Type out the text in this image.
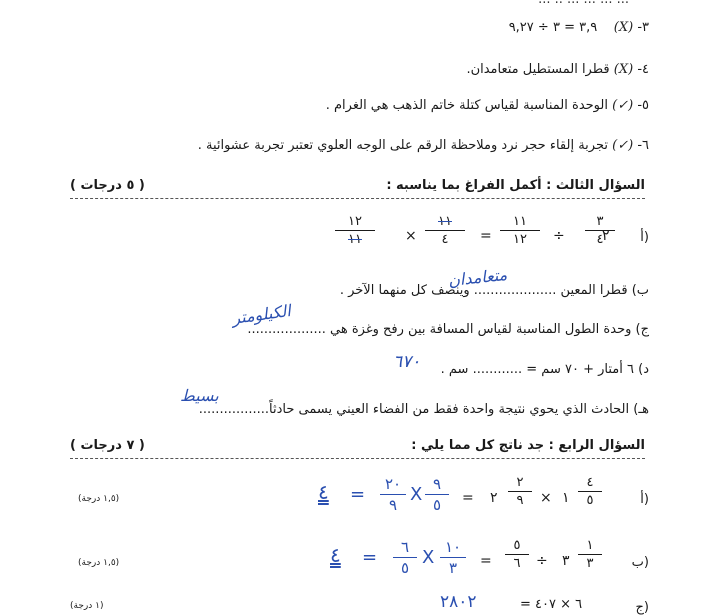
٣- (X)    ٣,٩ = ٣ ÷ ٩,٢٧
٤- (X) قطرا المستطيل متعامدان.
٥- (✓) الوحدة المناسبة لقياس كتلة خاتم الذهب هي الغرام .
٦- (✓) تجربة إلقاء حجر نرد وملاحظة الرقم على الوجه العلوي تعتبر تجربة عشوائية .
السؤال الثالث : أكمل الفراغ بما يناسبه :
( ٥ درجات )
أ)
٣
٤
٢
÷
١١
١٢
=
١١
٤
×
١٢
١١
ب) قطرا المعين .................... وينصف كل منهما الآخر .
متعامدان
ج) وحدة الطول المناسبة لقياس المسافة بين رفح وغزة هي ...................
الكيلومتر
د) ٦ أمتار + ٧٠ سم = ............ سم .
٦٧٠
هـ) الحادث الذي يحوي نتيجة واحدة فقط من الفضاء العيني يسمى حادثاً.................
بسيط
السؤال الرابع : جد ناتج كل مما يلي :
( ٧ درجات )
أ)
٤
٥
١
×
٢
٩
٢
=
٩
٥
X
٢٠
٩
=
٤
(١,٥ درجة)
ب)
١
٣
٣
÷
٥
٦
=
١٠
٣
X
٦
٥
=
٤
(١,٥ درجة)
ج)
٦ × ٤٠٧ =
٢٨٠٢
(١ درجة)
